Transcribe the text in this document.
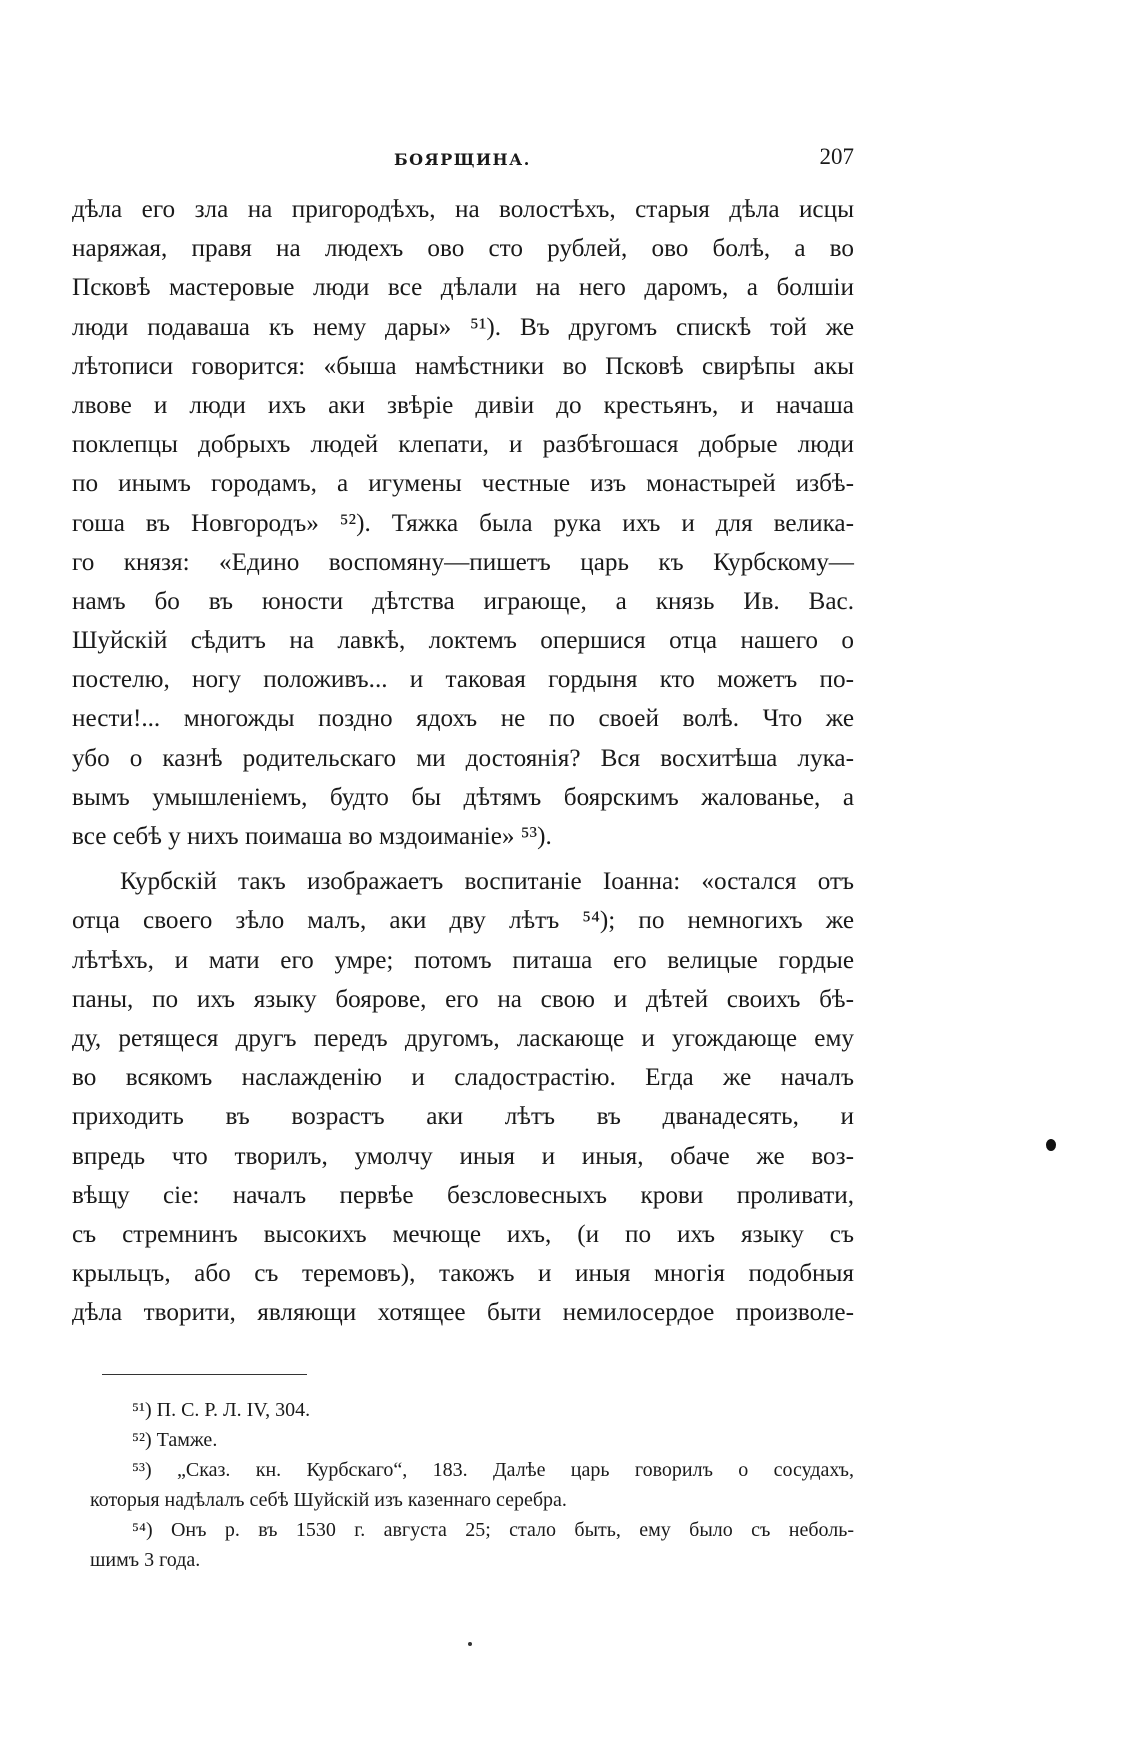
БОЯРЩИНА.	207
дѣла его зла на пригородѣхъ, на волостѣхъ, старыя дѣла исцы
наряжая, правя на людехъ ово сто рублей, ово болѣ, а во
Псковѣ мастеровые люди все дѣлали на него даромъ, а болшіи
люди подаваша къ нему дары» ⁵¹). Въ другомъ спискѣ той же
лѣтописи говорится: «быша намѣстники во Псковѣ свирѣпы акы
лвове и люди ихъ аки звѣріе дивіи до крестьянъ, и начаша
поклепцы добрыхъ людей клепати, и разбѣгошася добрые люди
по инымъ городамъ, а игумены честные изъ монастырей избѣ-
гоша въ Новгородъ» ⁵²). Тяжка была рука ихъ и для велика-
го князя: «Едино воспомяну—пишетъ царь къ Курбскому—
намъ бо въ юности дѣтства играюще, а князь Ив. Вас.
Шуйскій сѣдитъ на лавкѣ, локтемъ опершися отца нашего о
постелю, ногу положивъ... и таковая гордыня кто можетъ по-
нести!... многожды поздно ядохъ не по своей волѣ. Что же
убо о казнѣ родительскаго ми достоянія? Вся восхитѣша лука-
вымъ умышленіемъ, будто бы дѣтямъ боярскимъ жалованье, а
все себѣ у нихъ поимаша во мздоиманіе» ⁵³).
Курбскій такъ изображаетъ воспитаніе Іоанна: «остался отъ
отца своего зѣло малъ, аки дву лѣтъ ⁵⁴); по немногихъ же
лѣтѣхъ, и мати его умре; потомъ питаша его велицые гордые
паны, по ихъ языку бояровe, его на свою и дѣтей своихъ бѣ-
ду, ретящеся другъ передъ другомъ, ласкающе и угождающе ему
во всякомъ наслажденію и сладострастію. Егда же началъ
приходить въ возрастъ аки лѣтъ въ дванадесять, и
впредь что творилъ, умолчу иныя и иныя, обаче же воз-
вѣщу сіе: началъ первѣе безсловесныхъ крови проливати,
съ стремнинъ высокихъ мечюще ихъ, (и по ихъ языку съ
крыльцъ, або съ теремовъ), такожъ и иныя многія подобныя
дѣла творити, являющи хотящее быти немилосердое произволе-
⁵¹) П. С. Р. Л. IV, 304.
⁵²) Тамже.
⁵³) „Сказ. кн. Курбскаго“, 183. Далѣе царь говорилъ о сосудахъ,
которыя надѣлалъ себѣ Шуйскій изъ казеннаго серебра.
⁵⁴) Онъ р. въ 1530 г. августа 25; стало быть, ему было съ неболь-
шимъ 3 года.
